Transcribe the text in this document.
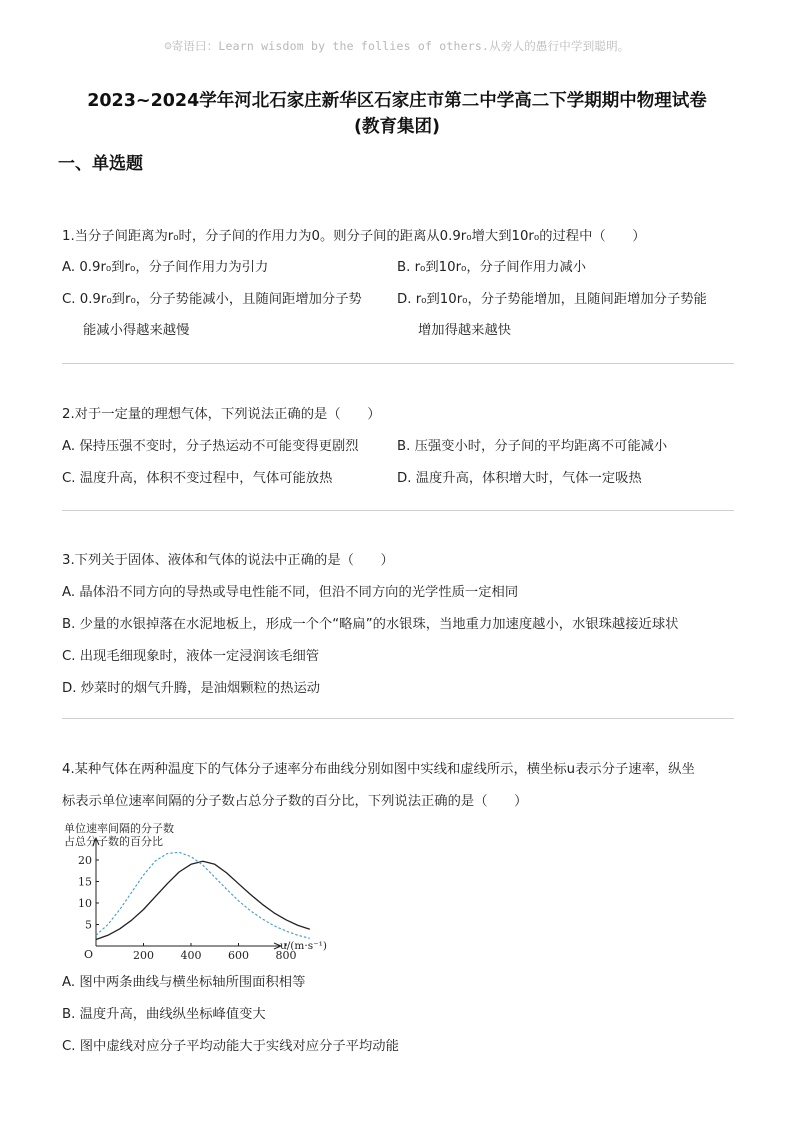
☺寄语曰：Learn wisdom by the follies of others.从旁人的愚行中学到聪明。
2023~2024学年河北石家庄新华区石家庄市第二中学高二下学期期中物理试卷
(教育集团)
一、单选题
1.当分子间距离为r₀时，分子间的作用力为0。则分子间的距离从0.9r₀增大到10r₀的过程中（　　）
A. 0.9r₀到r₀，分子间作用力为引力	B. r₀到10r₀，分子间作用力减小
C. 0.9r₀到r₀，分子势能减小，且随间距增加分子势
能减小得越来越慢
D. r₀到10r₀，分子势能增加，且随间距增加分子势能
增加得越来越快
2.对于一定量的理想气体，下列说法正确的是（　　）
A. 保持压强不变时，分子热运动不可能变得更剧烈	B. 压强变小时，分子间的平均距离不可能减小
C. 温度升高，体积不变过程中，气体可能放热	D. 温度升高，体积增大时，气体一定吸热
3.下列关于固体、液体和气体的说法中正确的是（　　）
A. 晶体沿不同方向的导热或导电性能不同，但沿不同方向的光学性质一定相同
B. 少量的水银掉落在水泥地板上，形成一个个“略扁”的水银珠，当地重力加速度越小，水银珠越接近球状
C. 出现毛细现象时，液体一定浸润该毛细管
D. 炒菜时的烟气升腾，是油烟颗粒的热运动
4.某种气体在两种温度下的气体分子速率分布曲线分别如图中实线和虚线所示，横坐标u表示分子速率，纵坐
标表示单位速率间隔的分子数占总分子数的百分比，下列说法正确的是（　　）
单位速率间隔的分子数
占总分子数的百分比
5
10
15
20
200 400 600 800
O
u/(m·s⁻¹)
A. 图中两条曲线与横坐标轴所围面积相等
B. 温度升高，曲线纵坐标峰值变大
C. 图中虚线对应分子平均动能大于实线对应分子平均动能
